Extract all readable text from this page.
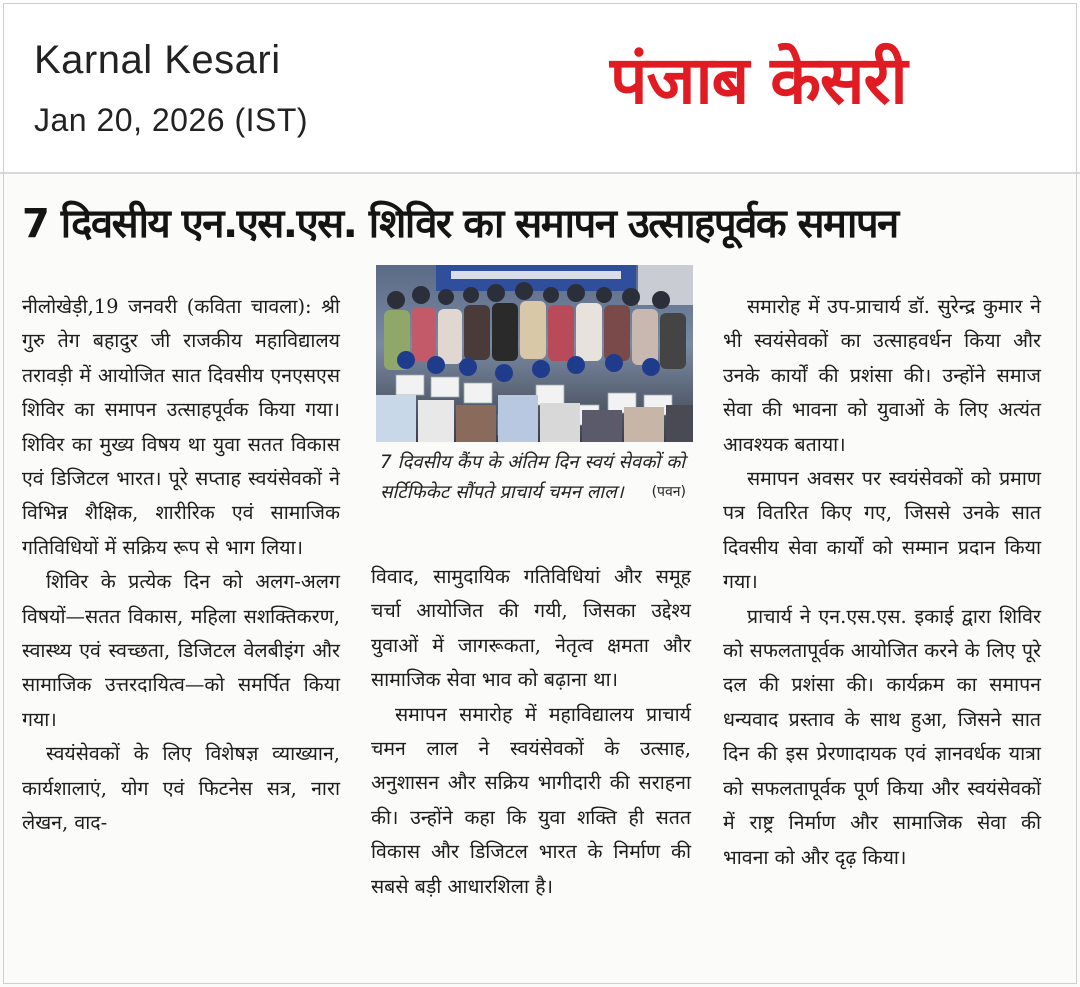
Karnal Kesari
Jan 20, 2026 (IST)
पंजाब केसरी
7 दिवसीय एन.एस.एस. शिविर का समापन उत्साहपूर्वक समापन

नीलोखेड़ी,19 जनवरी (कविता चावला): श्री गुरु तेग बहादुर जी राजकीय महाविद्यालय तरावड़ी में आयोजित सात दिवसीय एनएसएस शिविर का समापन उत्साहपूर्वक किया गया। शिविर का मुख्य विषय था युवा सतत विकास एवं डिजिटल भारत। पूरे सप्ताह स्वयंसेवकों ने विभिन्न शैक्षिक, शारीरिक एवं सामाजिक गतिविधियों में सक्रिय रूप से भाग लिया।

शिविर के प्रत्येक दिन को अलग-अलग विषयों—सतत विकास, महिला सशक्तिकरण, स्वास्थ्य एवं स्वच्छता, डिजिटल वेलबीइंग और सामाजिक उत्तरदायित्व—को समर्पित किया गया।

स्वयंसेवकों के लिए विशेषज्ञ व्याख्यान, कार्यशालाएं, योग एवं फिटनेस सत्र, नारा लेखन, वाद-

7 दिवसीय कैंप के अंतिम दिन स्वयं सेवकों को सर्टिफिकेट सौंपते प्राचार्य चमन लाल। (पवन)

विवाद, सामुदायिक गतिविधियां और समूह चर्चा आयोजित की गयी, जिसका उद्देश्य युवाओं में जागरूकता, नेतृत्व क्षमता और सामाजिक सेवा भाव को बढ़ाना था।

समापन समारोह में महाविद्यालय प्राचार्य चमन लाल ने स्वयंसेवकों के उत्साह, अनुशासन और सक्रिय भागीदारी की सराहना की। उन्होंने कहा कि युवा शक्ति ही सतत विकास और डिजिटल भारत के निर्माण की सबसे बड़ी आधारशिला है।

समारोह में उप-प्राचार्य डॉ. सुरेन्द्र कुमार ने भी स्वयंसेवकों का उत्साहवर्धन किया और उनके कार्यों की प्रशंसा की। उन्होंने समाज सेवा की भावना को युवाओं के लिए अत्यंत आवश्यक बताया।

समापन अवसर पर स्वयंसेवकों को प्रमाण पत्र वितरित किए गए, जिससे उनके सात दिवसीय सेवा कार्यों को सम्मान प्रदान किया गया।

प्राचार्य ने एन.एस.एस. इकाई द्वारा शिविर को सफलतापूर्वक आयोजित करने के लिए पूरे दल की प्रशंसा की। कार्यक्रम का समापन धन्यवाद प्रस्ताव के साथ हुआ, जिसने सात दिन की इस प्रेरणादायक एवं ज्ञानवर्धक यात्रा को सफलतापूर्वक पूर्ण किया और स्वयंसेवकों में राष्ट्र निर्माण और सामाजिक सेवा की भावना को और दृढ़ किया।
